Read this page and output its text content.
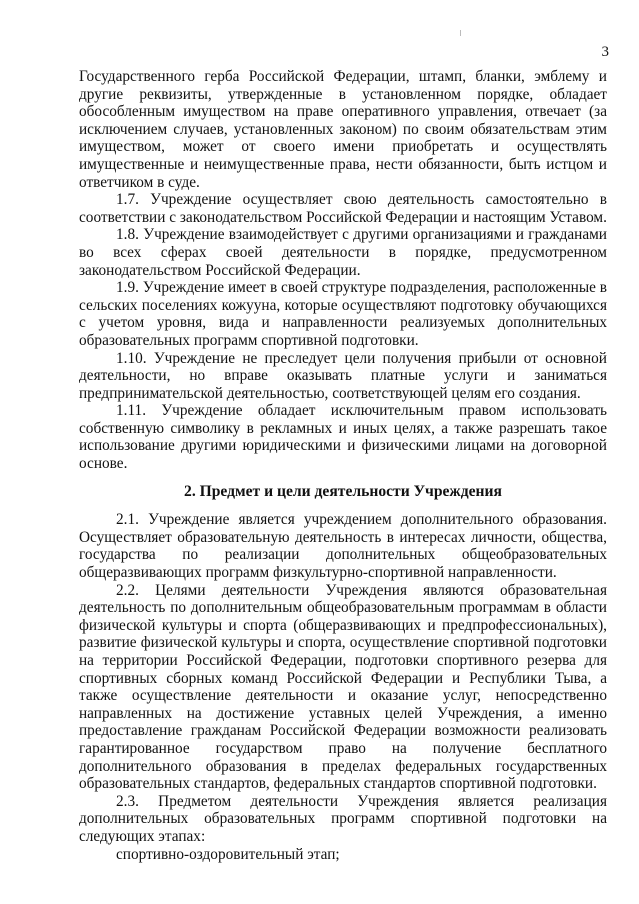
3

Государственного герба Российской Федерации, штамп, бланки, эмблему и другие реквизиты, утвержденные в установленном порядке, обладает обособленным имуществом на праве оперативного управления, отвечает (за исключением случаев, установленных законом) по своим обязательствам этим имуществом, может от своего имени приобретать и осуществлять имущественные и неимущественные права, нести обязанности, быть истцом и ответчиком в суде.

1.7. Учреждение осуществляет свою деятельность самостоятельно в соответствии с законодательством Российской Федерации и настоящим Уставом.

1.8. Учреждение взаимодействует с другими организациями и гражданами во всех сферах своей деятельности в порядке, предусмотренном законодательством Российской Федерации.

1.9. Учреждение имеет в своей структуре подразделения, расположенные в сельских поселениях кожууна, которые осуществляют подготовку обучающихся с учетом уровня, вида и направленности реализуемых дополнительных образовательных программ спортивной подготовки.

1.10. Учреждение не преследует цели получения прибыли от основной деятельности, но вправе оказывать платные услуги и заниматься предпринимательской деятельностью, соответствующей целям его создания.

1.11. Учреждение обладает исключительным правом использовать собственную символику в рекламных и иных целях, а также разрешать такое использование другими юридическими и физическими лицами на договорной основе.

2. Предмет и цели деятельности Учреждения

2.1. Учреждение является учреждением дополнительного образования. Осуществляет образовательную деятельность в интересах личности, общества, государства по реализации дополнительных общеобразовательных общеразвивающих программ физкультурно-спортивной направленности.

2.2. Целями деятельности Учреждения являются образовательная деятельность по дополнительным общеобразовательным программам в области физической культуры и спорта (общеразвивающих и предпрофессиональных), развитие физической культуры и спорта, осуществление спортивной подготовки на территории Российской Федерации, подготовки спортивного резерва для спортивных сборных команд Российской Федерации и Республики Тыва, а также осуществление деятельности и оказание услуг, непосредственно направленных на достижение уставных целей Учреждения, а именно предоставление гражданам Российской Федерации возможности реализовать гарантированное государством право на получение бесплатного дополнительного образования в пределах федеральных государственных образовательных стандартов, федеральных стандартов спортивной подготовки.

2.3. Предметом деятельности Учреждения является реализация дополнительных образовательных программ спортивной подготовки на следующих этапах:

спортивно-оздоровительный этап;
